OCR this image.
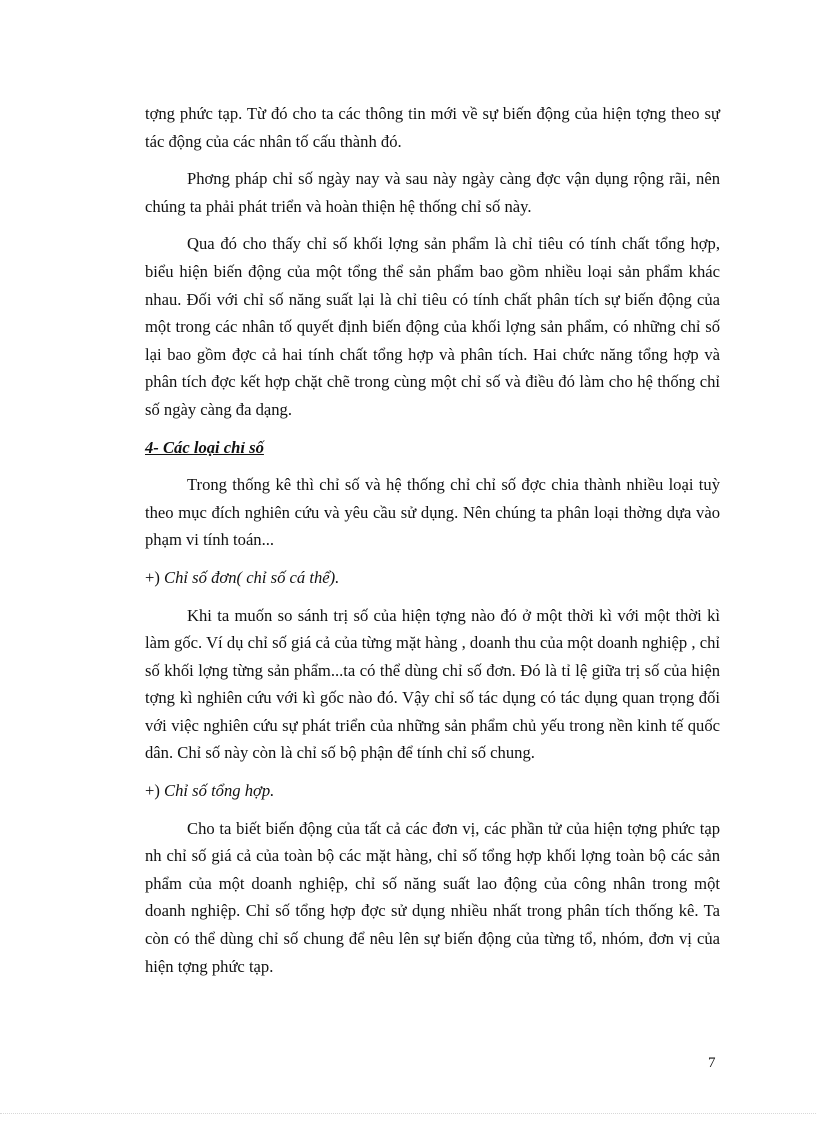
tợng phức tạp. Từ đó cho ta các thông tin mới về sự biến động của hiện tợng theo sự tác động của các nhân tố cấu thành đó.

Phơng pháp chỉ số ngày nay và sau này ngày càng đợc vận dụng rộng rãi, nên chúng ta phải phát triển và hoàn thiện hệ thống chỉ số này.

Qua đó cho thấy chỉ số khối lợng sản phẩm là chỉ tiêu có tính chất tổng hợp, biểu hiện biến động của một tổng thể sản phẩm bao gồm nhiều loại sản phẩm khác nhau. Đối với chỉ số năng suất lại là chỉ tiêu có tính chất phân tích sự biến động của một trong các nhân tố quyết định biến động của khối lợng sản phẩm, có những chỉ số lại bao gồm đợc cả hai tính chất tổng hợp và phân tích. Hai chức năng tổng hợp và phân tích đợc kết hợp chặt chẽ trong cùng một chỉ số và điều đó làm cho hệ thống chỉ số ngày càng đa dạng.

4- Các loại chỉ số

Trong thống kê thì chỉ số và hệ thống chỉ chỉ số đợc chia thành nhiều loại tuỳ theo mục đích nghiên cứu và yêu cầu sử dụng. Nên chúng ta phân loại thờng dựa vào phạm vi tính toán...

+) Chỉ số đơn( chỉ số cá thể).

Khi ta muốn so sánh trị số của hiện tợng nào đó ở một thời kì với một thời kì làm gốc. Ví dụ chỉ số giá cả của từng mặt hàng , doanh thu của một doanh nghiệp , chỉ số khối lợng từng sản phẩm...ta có thể dùng chỉ số đơn. Đó là tỉ lệ giữa trị số của hiện tợng kì nghiên cứu với kì gốc nào đó. Vậy chỉ số tác dụng có tác dụng quan trọng đối với việc nghiên cứu sự phát triển của những sản phẩm chủ yếu trong nền kinh tế quốc dân. Chỉ số này còn là chỉ số bộ phận để tính chỉ số chung.

+) Chỉ số tổng hợp.

Cho ta biết biến động của tất cả các đơn vị, các phần tử của hiện tợng phức tạp nh chỉ số giá cả của toàn bộ các mặt hàng, chỉ số tổng hợp khối lợng toàn bộ các sản phẩm của một doanh nghiệp, chỉ số năng suất lao động của công nhân trong một doanh nghiệp. Chỉ số tổng hợp đợc sử dụng nhiều nhất trong phân tích thống kê. Ta còn có thể dùng chỉ số chung để nêu lên sự biến động của từng tổ, nhóm, đơn vị của hiện tợng phức tạp.

7
